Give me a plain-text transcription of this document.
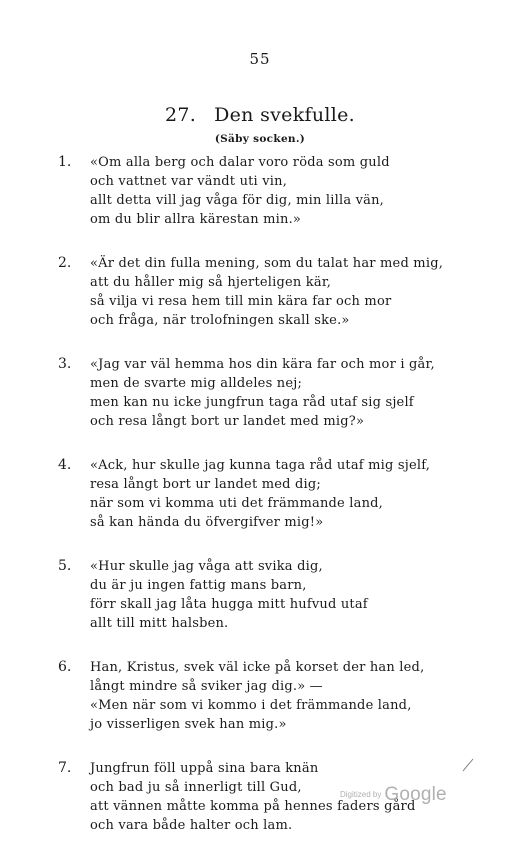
55
27. Den svekfulle.
(Säby socken.)
1. «Om alla berg och dalar voro röda som guld
och vattnet var vändt uti vin,
allt detta vill jag våga för dig, min lilla vän,
om du blir allra kärestan min.»
2. «Är det din fulla mening, som du talat har med mig,
att du håller mig så hjerteligen kär,
så vilja vi resa hem till min kära far och mor
och fråga, när trolofningen skall ske.»
3. «Jag var väl hemma hos din kära far och mor i går,
men de svarte mig alldeles nej;
men kan nu icke jungfrun taga råd utaf sig sjelf
och resa långt bort ur landet med mig?»
4. «Ack, hur skulle jag kunna taga råd utaf mig sjelf,
resa långt bort ur landet med dig;
när som vi komma uti det främmande land,
så kan hända du öfvergifver mig!»
5. «Hur skulle jag våga att svika dig,
du är ju ingen fattig mans barn,
förr skall jag låta hugga mitt hufvud utaf
allt till mitt halsben.
6. Han, Kristus, svek väl icke på korset der han led,
långt mindre så sviker jag dig.» —
«Men när som vi kommo i det främmande land,
jo visserligen svek han mig.»
7. Jungfrun föll uppå sina bara knän
och bad ju så innerligt till Gud,
att vännen måtte komma på hennes faders gård
och vara både halter och lam.
Digitized by Google
